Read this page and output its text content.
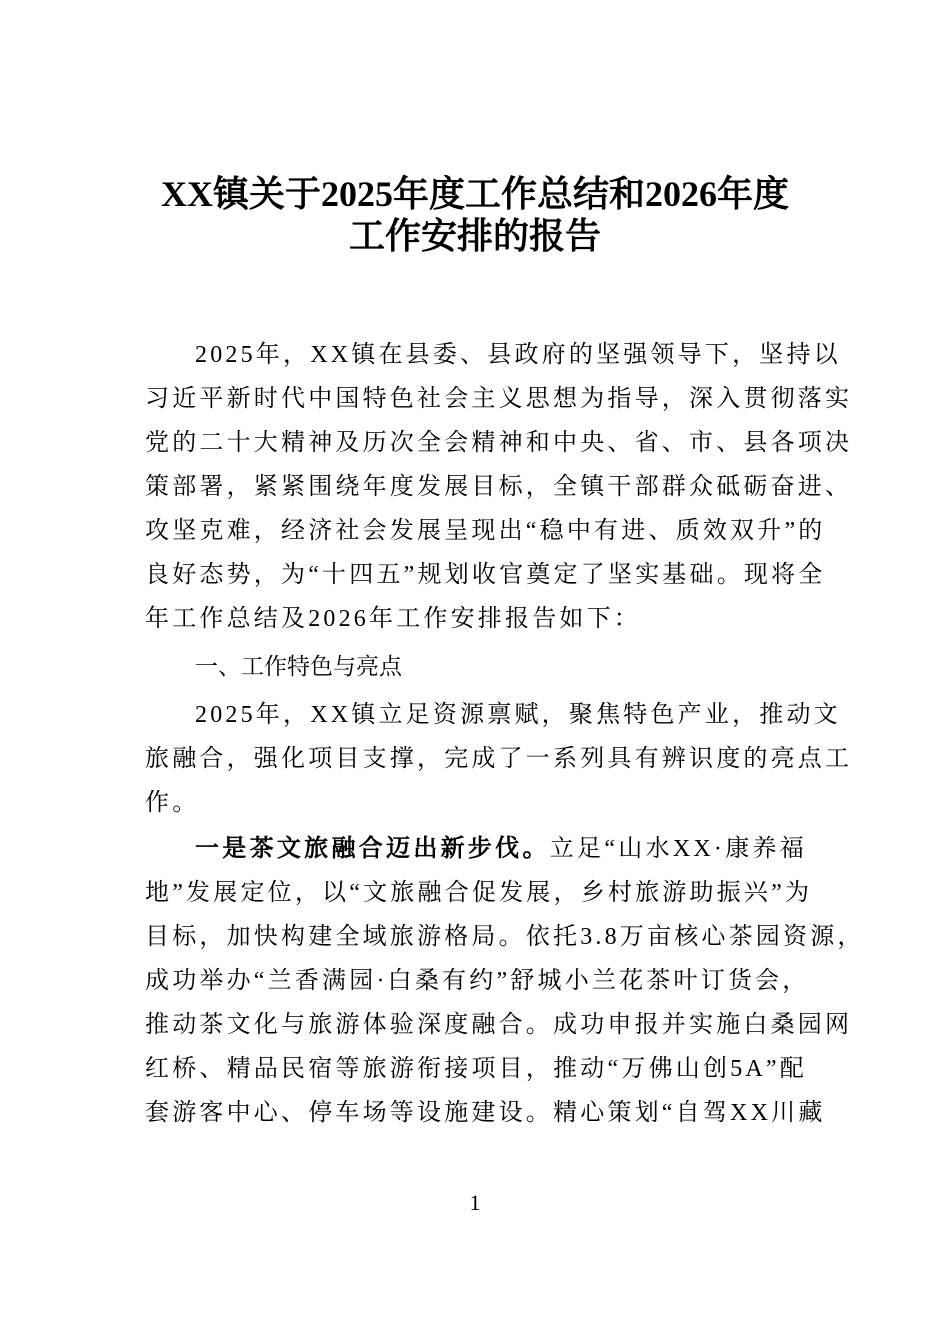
XX镇关于2025年度工作总结和2026年度
工作安排的报告
2025年，XX镇在县委、县政府的坚强领导下，坚持以
习近平新时代中国特色社会主义思想为指导，深入贯彻落实
党的二十大精神及历次全会精神和中央、省、市、县各项决
策部署，紧紧围绕年度发展目标，全镇干部群众砥砺奋进、
攻坚克难，经济社会发展呈现出“稳中有进、质效双升”的
良好态势，为“十四五”规划收官奠定了坚实基础。现将全
年工作总结及2026年工作安排报告如下：
一、工作特色与亮点
2025年，XX镇立足资源禀赋，聚焦特色产业，推动文
旅融合，强化项目支撑，完成了一系列具有辨识度的亮点工
作。
一是茶文旅融合迈出新步伐。立足“山水XX·康养福
地”发展定位，以“文旅融合促发展，乡村旅游助振兴”为
目标，加快构建全域旅游格局。依托3.8万亩核心茶园资源，
成功举办“兰香满园·白桑有约”舒城小兰花茶叶订货会，
推动茶文化与旅游体验深度融合。成功申报并实施白桑园网
红桥、精品民宿等旅游衔接项目，推动“万佛山创5A”配
套游客中心、停车场等设施建设。精心策划“自驾XX川藏
1
